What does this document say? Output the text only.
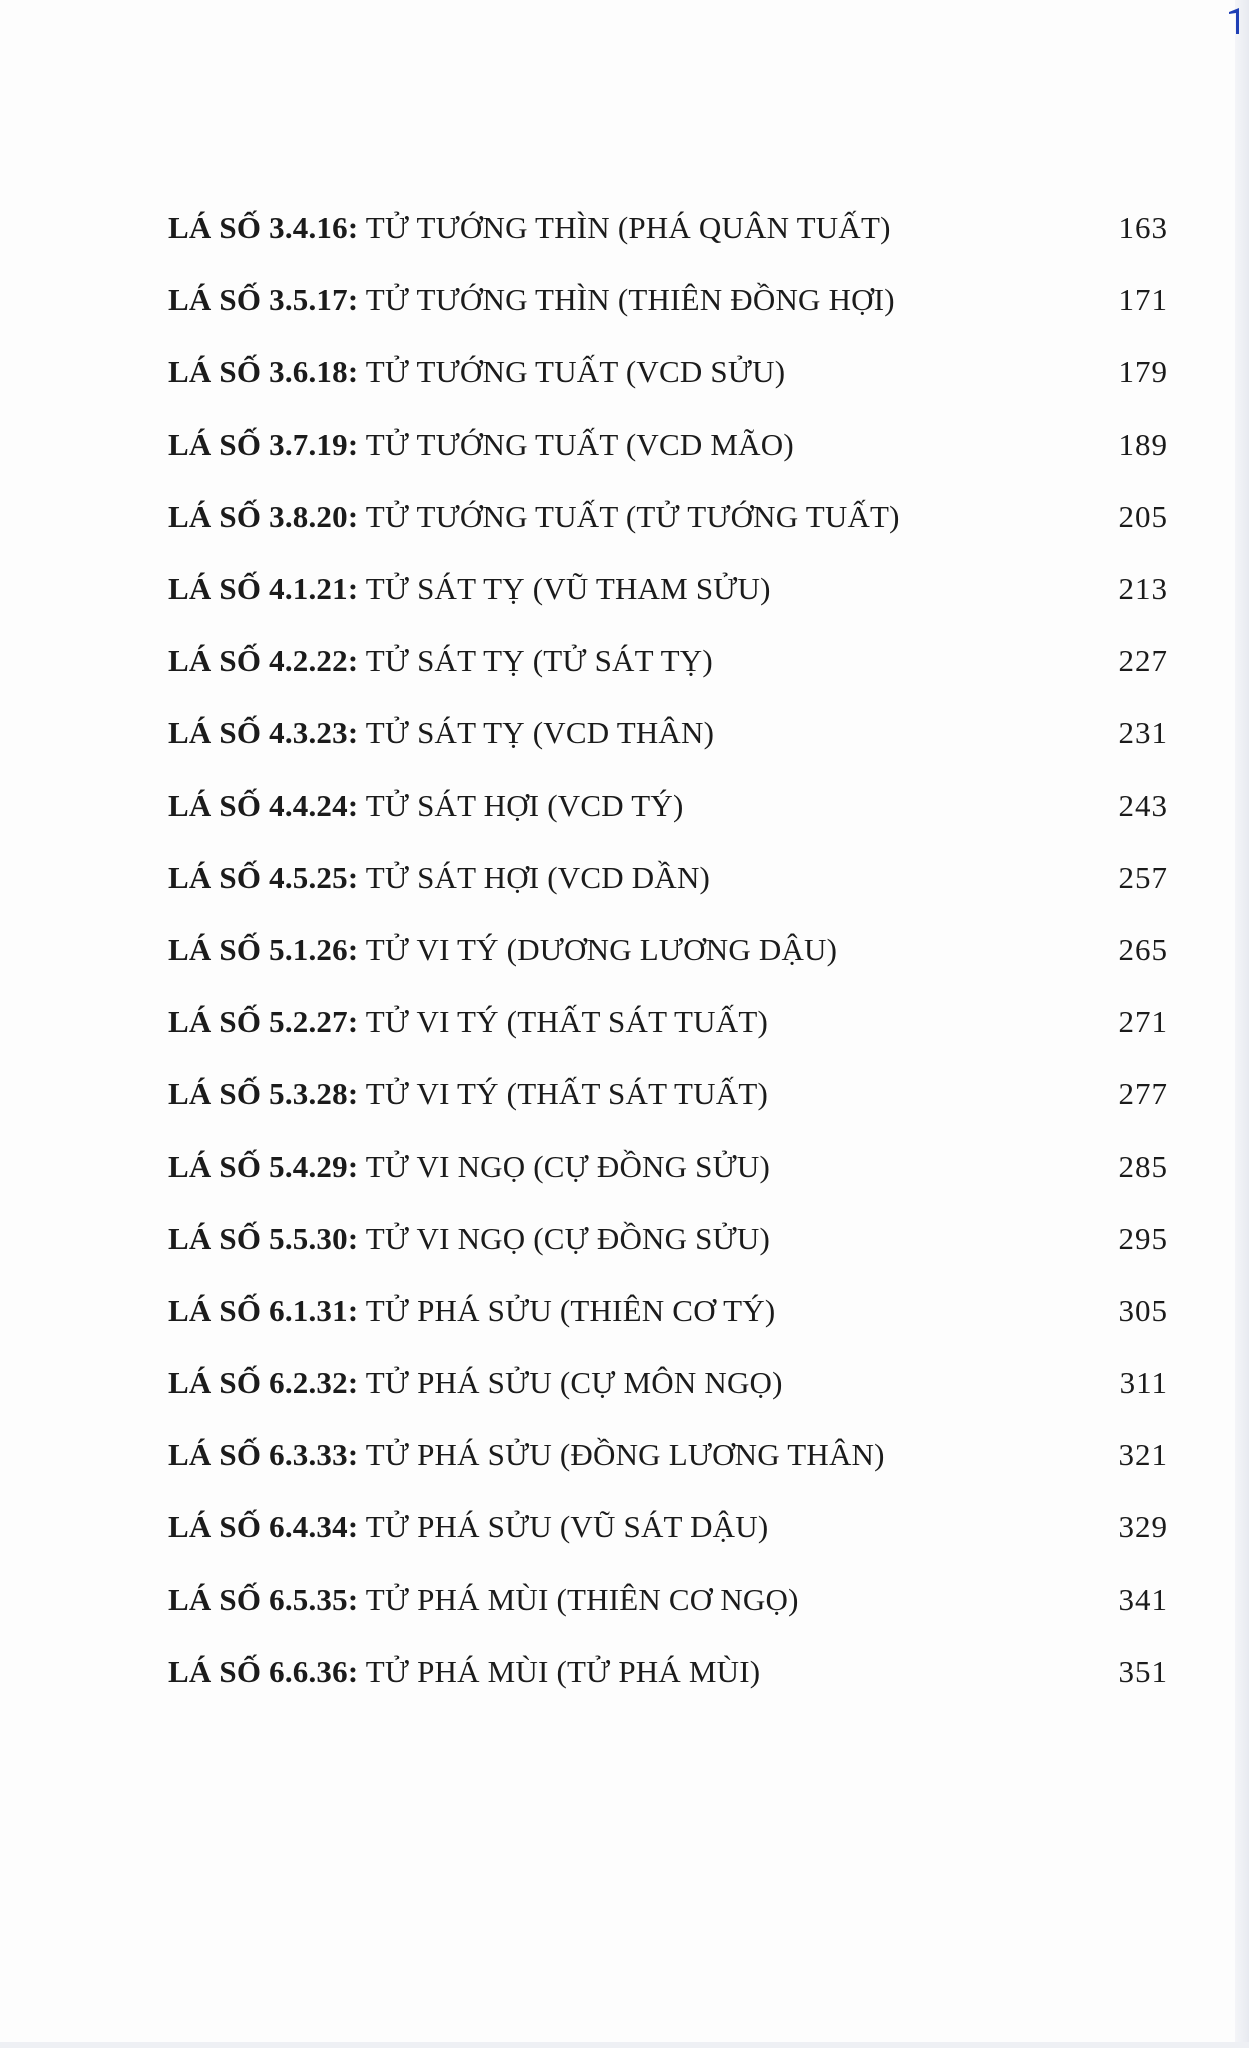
LÁ SỐ 3.4.16: TỬ TƯỚNG THÌN (PHÁ QUÂN TUẤT)	163
LÁ SỐ 3.5.17: TỬ TƯỚNG THÌN (THIÊN ĐỒNG HỢI)	171
LÁ SỐ 3.6.18: TỬ TƯỚNG TUẤT (VCD SỬU)	179
LÁ SỐ 3.7.19: TỬ TƯỚNG TUẤT (VCD MÃO)	189
LÁ SỐ 3.8.20: TỬ TƯỚNG TUẤT (TỬ TƯỚNG TUẤT)	205
LÁ SỐ 4.1.21: TỬ SÁT TỴ (VŨ THAM SỬU)	213
LÁ SỐ 4.2.22: TỬ SÁT TỴ (TỬ SÁT TỴ)	227
LÁ SỐ 4.3.23: TỬ SÁT TỴ (VCD THÂN)	231
LÁ SỐ 4.4.24: TỬ SÁT HỢI (VCD TÝ)	243
LÁ SỐ 4.5.25: TỬ SÁT HỢI (VCD DẦN)	257
LÁ SỐ 5.1.26: TỬ VI TÝ (DƯƠNG LƯƠNG DẬU)	265
LÁ SỐ 5.2.27: TỬ VI TÝ (THẤT SÁT TUẤT)	271
LÁ SỐ 5.3.28: TỬ VI TÝ (THẤT SÁT TUẤT)	277
LÁ SỐ 5.4.29: TỬ VI NGỌ (CỰ ĐỒNG SỬU)	285
LÁ SỐ 5.5.30: TỬ VI NGỌ (CỰ ĐỒNG SỬU)	295
LÁ SỐ 6.1.31: TỬ PHÁ SỬU (THIÊN CƠ TÝ)	305
LÁ SỐ 6.2.32: TỬ PHÁ SỬU (CỰ MÔN NGỌ)	311
LÁ SỐ 6.3.33: TỬ PHÁ SỬU (ĐỒNG LƯƠNG THÂN)	321
LÁ SỐ 6.4.34: TỬ PHÁ SỬU (VŨ SÁT DẬU)	329
LÁ SỐ 6.5.35: TỬ PHÁ MÙI (THIÊN CƠ NGỌ)	341
LÁ SỐ 6.6.36: TỬ PHÁ MÙI (TỬ PHÁ MÙI)	351
